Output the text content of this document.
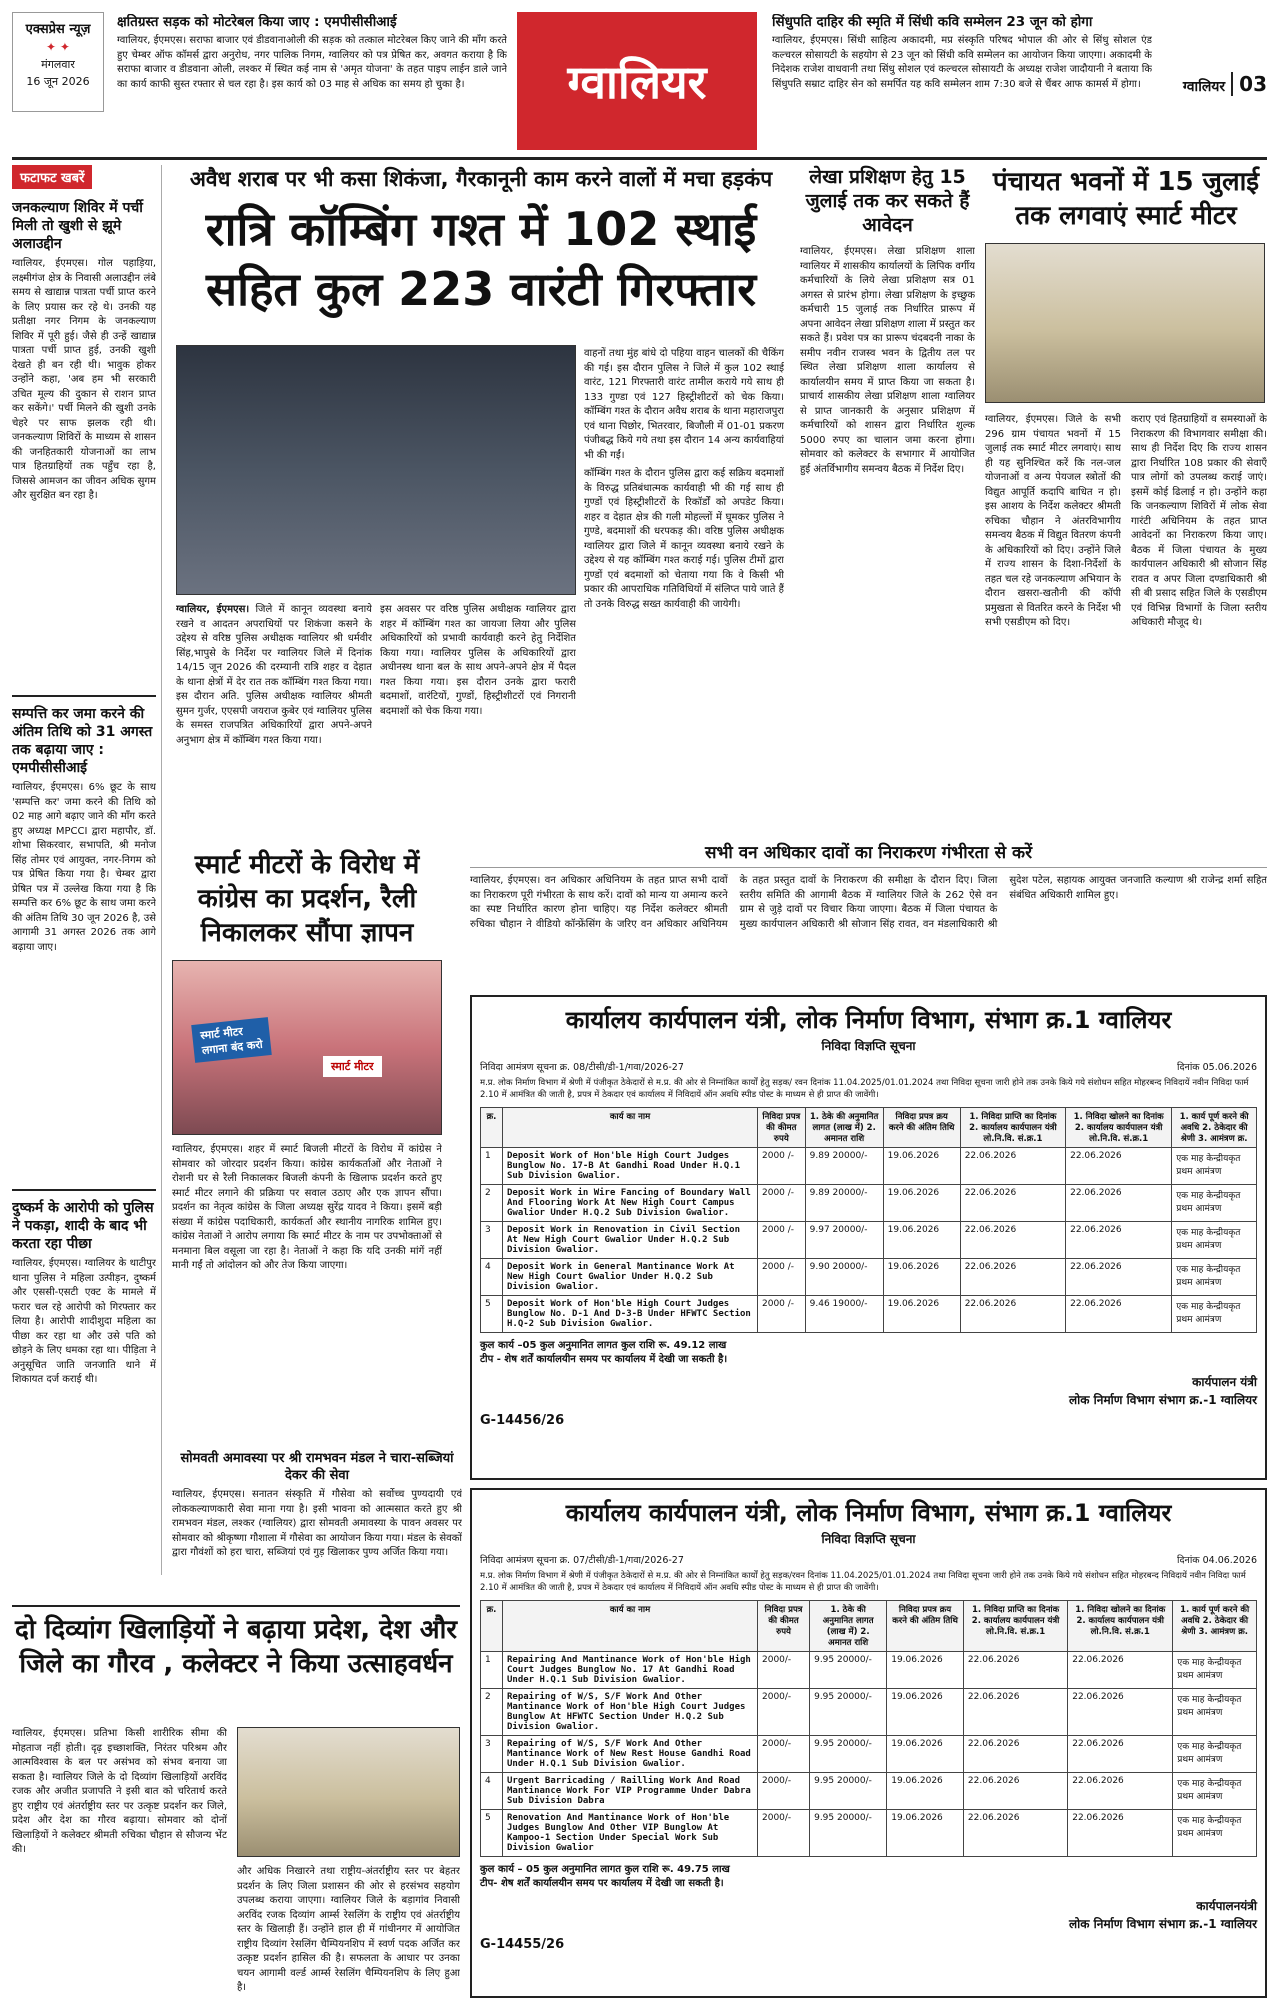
एक्सप्रेस न्यूज़
✦ ✦
मंगलवार
16 जून 2026
क्षतिग्रस्त सड़क को मोटरेबल किया जाए : एमपीसीसीआई

ग्वालियर, ईएमएस। सराफा बाजार एवं डीडवानाओली की सड़क को तत्काल मोटरेबल किए जाने की माँग करते हुए चेम्बर ऑफ कॉमर्स द्वारा अनुरोध, नगर पालिक निगम, ग्वालियर को पत्र प्रेषित कर, अवगत कराया है कि सराफा बाजार व डीडवाना ओली, लश्कर में स्थित कई नाम से 'अमृत योजना' के तहत पाइप लाईन डाले जाने का कार्य काफी सुस्त रफ्तार से चल रहा है। इस कार्य को 03 माह से अधिक का समय हो चुका है।	ग्वालियर
सिंधुपति दाहिर की स्मृति में सिंधी कवि सम्मेलन 23 जून को होगा

ग्वालियर, ईएमएस। सिंधी साहित्य अकादमी, मप्र संस्कृति परिषद भोपाल की ओर से सिंधु सोशल एंड कल्चरल सोसायटी के सहयोग से 23 जून को सिंधी कवि सम्मेलन का आयोजन किया जाएगा। अकादमी के निदेशक राजेश वाधवानी तथा सिंधु सोशल एवं कल्चरल सोसायटी के अध्यक्ष राजेश जादौयानी ने बताया कि सिंधुपति सम्राट दाहिर सेन को समर्पित यह कवि सम्मेलन शाम 7:30 बजे से चैंबर आफ कामर्स में होगा।	ग्वालियर 03
फटाफट खबरें
जनकल्याण शिविर में पर्ची मिली तो खुशी से झूमे अलाउद्दीन

ग्वालियर, ईएमएस। गोल पहाड़िया, लक्ष्मीगंज क्षेत्र के निवासी अलाउद्दीन लंबे समय से खाद्यान्न पात्रता पर्ची प्राप्त करने के लिए प्रयास कर रहे थे। उनकी यह प्रतीक्षा नगर निगम के जनकल्याण शिविर में पूरी हुई। जैसे ही उन्हें खाद्यान्न पात्रता पर्ची प्राप्त हुई, उनकी खुशी देखते ही बन रही थी। भावुक होकर उन्होंने कहा, 'अब हम भी सरकारी उचित मूल्य की दुकान से राशन प्राप्त कर सकेंगे।' पर्ची मिलने की खुशी उनके चेहरे पर साफ झलक रही थी। जनकल्याण शिविरों के माध्यम से शासन की जनहितकारी योजनाओं का लाभ पात्र हितग्राहियों तक पहुँच रहा है, जिससे आमजन का जीवन अधिक सुगम और सुरक्षित बन रहा है।

सम्पत्ति कर जमा करने की अंतिम तिथि को 31 अगस्त तक बढ़ाया जाए : एमपीसीसीआई

ग्वालियर, ईएमएस। 6% छूट के साथ 'सम्पत्ति कर' जमा करने की तिथि को 02 माह आगे बढ़ाए जाने की माँग करते हुए अध्यक्ष MPCCI द्वारा महापौर, डॉ. शोभा सिकरवार, सभापति, श्री मनोज सिंह तोमर एवं आयुक्त, नगर-निगम को पत्र प्रेषित किया गया है। चेम्बर द्वारा प्रेषित पत्र में उल्लेख किया गया है कि सम्पत्ति कर 6% छूट के साथ जमा करने की अंतिम तिथि 30 जून 2026 है, उसे आगामी 31 अगस्त 2026 तक आगे बढ़ाया जाए।

दुष्कर्म के आरोपी को पुलिस ने पकड़ा, शादी के बाद भी करता रहा पीछा

ग्वालियर, ईएमएस। ग्वालियर के थाटीपुर थाना पुलिस ने महिला उत्पीड़न, दुष्कर्म और एससी-एसटी एक्ट के मामले में फरार चल रहे आरोपी को गिरफ्तार कर लिया है। आरोपी शादीशुदा महिला का पीछा कर रहा था और उसे पति को छोड़ने के लिए धमका रहा था। पीड़िता ने अनुसूचित जाति जनजाति थाने में शिकायत दर्ज कराई थी।

अवैध शराब पर भी कसा शिकंजा, गैरकानूनी काम करने वालों में मचा हड़कंप
रात्रि कॉम्बिंग गश्त में 102 स्थाई सहित कुल 223 वारंटी गिरफ्तार

वाहनों तथा मुंह बांधे दो पहिया वाहन चालकों की चैकिंग की गई। इस दौरान पुलिस ने जिले में कुल 102 स्थाई वारंट, 121 गिरफ्तारी वारंट तामील कराये गये साथ ही 133 गुण्डा एवं 127 हिस्ट्रीशीटरों को चेक किया। कॉम्बिंग गश्त के दौरान अवैध शराब के थाना महाराजपुरा एवं थाना पिछोर, भितरवार, बिजौली में 01-01 प्रकरण पंजीबद्ध किये गये तथा इस दौरान 14 अन्य कार्यवाहियां भी की गईं।

कॉम्बिंग गश्त के दौरान पुलिस द्वारा कई सक्रिय बदमाशों के विरुद्ध प्रतिबंधात्मक कार्यवाही भी की गई साथ ही गुण्डों एवं हिस्ट्रीशीटरों के रिकॉर्डों को अपडेट किया। शहर व देहात क्षेत्र की गली मोहल्लों में घूमकर पुलिस ने गुण्डे, बदमाशों की धरपकड़ की। वरिष्ठ पुलिस अधीक्षक ग्वालियर द्वारा जिले में कानून व्यवस्था बनाये रखने के उद्देश्य से यह कॉम्बिंग गश्त कराई गई। पुलिस टीमों द्वारा गुण्डों एवं बदमाशों को चेताया गया कि वे किसी भी प्रकार की आपराधिक गतिविधियों में संलिप्त पाये जाते हैं तो उनके विरुद्ध सख्त कार्यवाही की जायेगी।

ग्वालियर, ईएमएस। जिले में कानून व्यवस्था बनाये रखने व आदतन अपराधियों पर शिकंजा कसने के उद्देश्य से वरिष्ठ पुलिस अधीक्षक ग्वालियर श्री धर्मवीर सिंह,भापुसे के निर्देश पर ग्वालियर जिले में दिनांक 14/15 जून 2026 की दरम्यानी रात्रि शहर व देहात के थाना क्षेत्रों में देर रात तक कॉम्बिंग गश्त किया गया। इस दौरान अति. पुलिस अधीक्षक ग्वालियर श्रीमती सुमन गुर्जर, एएसपी जयराज कुबेर एवं ग्वालियर पुलिस के समस्त राजपत्रित अधिकारियों द्वारा अपने-अपने अनुभाग क्षेत्र में कॉम्बिंग गश्त किया गया।

इस अवसर पर वरिष्ठ पुलिस अधीक्षक ग्वालियर द्वारा शहर में कॉम्बिंग गश्त का जायजा लिया और पुलिस अधिकारियों को प्रभावी कार्यवाही करने हेतु निर्देशित किया गया। ग्वालियर पुलिस के अधिकारियों द्वारा अधीनस्थ थाना बल के साथ अपने-अपने क्षेत्र में पैदल गश्त किया गया। इस दौरान उनके द्वारा फरारी बदमाशों, वारंटियों, गुण्डों, हिस्ट्रीशीटरों एवं निगरानी बदमाशों को चेक किया गया।

लेखा प्रशिक्षण हेतु 15 जुलाई तक कर सकते हैं आवेदन

ग्वालियर, ईएमएस। लेखा प्रशिक्षण शाला ग्वालियर में शासकीय कार्यालयों के लिपिक वर्गीय कर्मचारियों के लिये लेखा प्रशिक्षण सत्र 01 अगस्त से प्रारंभ होगा। लेखा प्रशिक्षण के इच्छुक कर्मचारी 15 जुलाई तक निर्धारित प्रारूप में अपना आवेदन लेखा प्रशिक्षण शाला में प्रस्तुत कर सकते हैं। प्रवेश पत्र का प्रारूप चंदबदनी नाका के समीप नवीन राजस्व भवन के द्वितीय तल पर स्थित लेखा प्रशिक्षण शाला कार्यालय से कार्यालयीन समय में प्राप्त किया जा सकता है। प्राचार्य शासकीय लेखा प्रशिक्षण शाला ग्वालियर से प्राप्त जानकारी के अनुसार प्रशिक्षण में कर्मचारियों को शासन द्वारा निर्धारित शुल्क 5000 रुपए का चालान जमा करना होगा। सोमवार को कलेक्टर के सभागार में आयोजित हुई अंतर्विभागीय समन्वय बैठक में निर्देश दिए।

पंचायत भवनों में 15 जुलाई तक लगवाएं स्मार्ट मीटर
ग्वालियर, ईएमएस। जिले के सभी 296 ग्राम पंचायत भवनों में 15 जुलाई तक स्मार्ट मीटर लगवाएं। साथ ही यह सुनिश्चित करें कि नल-जल योजनाओं व अन्य पेयजल स्त्रोतों की विद्युत आपूर्ति कदापि बाधित न हो। इस आशय के निर्देश कलेक्टर श्रीमती रुचिका चौहान ने अंतरविभागीय समन्वय बैठक में विद्युत वितरण कंपनी के अधिकारियों को दिए। उन्होंने जिले में राज्य शासन के दिशा-निर्देशों के तहत चल रहे जनकल्याण अभियान के दौरान खसरा-खतौनी की कॉपी प्रमुखता से वितरित करने के निर्देश भी सभी एसडीएम को दिए।
कराए एवं हितग्राहियों व समस्याओं के निराकरण की विभागवार समीक्षा की। साथ ही निर्देश दिए कि राज्य शासन द्वारा निर्धारित 108 प्रकार की सेवाएँ पात्र लोगों को उपलब्ध कराई जाएं। इसमें कोई ढिलाई न हो। उन्होंने कहा कि जनकल्याण शिविरों में लोक सेवा गारंटी अधिनियम के तहत प्राप्त आवेदनों का निराकरण किया जाए। बैठक में जिला पंचायत के मुख्य कार्यपालन अधिकारी श्री सोजान सिंह रावत व अपर जिला दण्डाधिकारी श्री सी बी प्रसाद सहित जिले के एसडीएम एवं विभिन्न विभागों के जिला स्तरीय अधिकारी मौजूद थे।
स्मार्ट मीटरों के विरोध में कांग्रेस का प्रदर्शन, रैली निकालकर सौंपा ज्ञापन
स्मार्ट मीटर
लगाना बंद करो
स्मार्ट मीटर

ग्वालियर, ईएमएस। शहर में स्मार्ट बिजली मीटरों के विरोध में कांग्रेस ने सोमवार को जोरदार प्रदर्शन किया। कांग्रेस कार्यकर्ताओं और नेताओं ने रोशनी घर से रैली निकालकर बिजली कंपनी के खिलाफ प्रदर्शन करते हुए स्मार्ट मीटर लगाने की प्रक्रिया पर सवाल उठाए और एक ज्ञापन सौंपा। प्रदर्शन का नेतृत्व कांग्रेस के जिला अध्यक्ष सुरेंद्र यादव ने किया। इसमें बड़ी संख्या में कांग्रेस पदाधिकारी, कार्यकर्ता और स्थानीय नागरिक शामिल हुए। कांग्रेस नेताओं ने आरोप लगाया कि स्मार्ट मीटर के नाम पर उपभोक्ताओं से मनमाना बिल वसूला जा रहा है। नेताओं ने कहा कि यदि उनकी मांगें नहीं मानी गईं तो आंदोलन को और तेज किया जाएगा।

सभी वन अधिकार दावों का निराकरण गंभीरता से करें

ग्वालियर, ईएमएस। वन अधिकार अधिनियम के तहत प्राप्त सभी दावों का निराकरण पूरी गंभीरता के साथ करें। दावों को मान्य या अमान्य करने का स्पष्ट निर्धारित कारण होना चाहिए। यह निर्देश कलेक्टर श्रीमती रुचिका चौहान ने वीडियो कॉन्फ्रेंसिंग के जरिए वन अधिकार अधिनियम के तहत प्रस्तुत दावों के निराकरण की समीक्षा के दौरान दिए। जिला स्तरीय समिति की आगामी बैठक में ग्वालियर जिले के 262 ऐसे वन ग्राम से जुड़े दावों पर विचार किया जाएगा। बैठक में जिला पंचायत के मुख्य कार्यपालन अधिकारी श्री सोजान सिंह रावत, वन मंडलाधिकारी श्री सुदेश पटेल, सहायक आयुक्त जनजाति कल्याण श्री राजेन्द्र शर्मा सहित संबंधित अधिकारी शामिल हुए।

सोमवती अमावस्या पर श्री रामभवन मंडल ने चारा-सब्जियां देकर की सेवा

ग्वालियर, ईएमएस। सनातन संस्कृति में गौसेवा को सर्वोच्च पुण्यदायी एवं लोककल्याणकारी सेवा माना गया है। इसी भावना को आत्मसात करते हुए श्री रामभवन मंडल, लश्कर (ग्वालियर) द्वारा सोमवती अमावस्या के पावन अवसर पर सोमवार को श्रीकृष्णा गौशाला में गौसेवा का आयोजन किया गया। मंडल के सेवकों द्वारा गौवंशों को हरा चारा, सब्जियां एवं गुड़ खिलाकर पुण्य अर्जित किया गया।

दो दिव्यांग खिलाड़ियों ने बढ़ाया प्रदेश, देश और जिले का गौरव , कलेक्टर ने किया उत्साहवर्धन

ग्वालियर, ईएमएस। प्रतिभा किसी शारीरिक सीमा की मोहताज नहीं होती। दृढ़ इच्छाशक्ति, निरंतर परिश्रम और आत्मविश्वास के बल पर असंभव को संभव बनाया जा सकता है। ग्वालियर जिले के दो दिव्यांग खिलाड़ियों अरविंद रजक और अजीत प्रजापति ने इसी बात को चरितार्थ करते हुए राष्ट्रीय एवं अंतर्राष्ट्रीय स्तर पर उत्कृष्ट प्रदर्शन कर जिले, प्रदेश और देश का गौरव बढ़ाया। सोमवार को दोनों खिलाड़ियों ने कलेक्टर श्रीमती रुचिका चौहान से सौजन्य भेंट की।

और अधिक निखारने तथा राष्ट्रीय-अंतर्राष्ट्रीय स्तर पर बेहतर प्रदर्शन के लिए जिला प्रशासन की ओर से हरसंभव सहयोग उपलब्ध कराया जाएगा। ग्वालियर जिले के बड़ागांव निवासी अरविंद रजक दिव्यांग आर्म्स रेसलिंग के राष्ट्रीय एवं अंतर्राष्ट्रीय स्तर के खिलाड़ी हैं। उन्होंने हाल ही में गांधीनगर में आयोजित राष्ट्रीय दिव्यांग रेसलिंग चैम्पियनशिप में स्वर्ण पदक अर्जित कर उत्कृष्ट प्रदर्शन हासिल की है। सफलता के आधार पर उनका चयन आगामी वर्ल्ड आर्म्स रेसलिंग चैम्पियनशिप के लिए हुआ है।

कार्यालय कार्यपालन यंत्री, लोक निर्माण विभाग, संभाग क्र.1 ग्वालियर
निविदा विज्ञप्ति सूचना
निविदा आमंत्रण सूचना क्र. 08/टीसी/डी-1/गवा/2026-27	दिनांक 05.06.2026
म.प्र. लोक निर्माण विभाग में श्रेणी में पंजीकृत ठेकेदारों से म.प्र. की ओर से निम्नांकित कार्यों हेतु सड़क/ रवन दिनांक 11.04.2025/01.01.2024 तथा निविदा सूचना जारी होने तक उनके किये गये संशोधन सहित मोहरबन्द निविदायें नवीन निविदा फार्म 2.10 में आमंत्रित की जाती है, प्रपत्र में ठेकदार एवं कार्यालय में निविदायें ऑन अवधि स्पीड पोस्ट के माध्यम से ही प्राप्त की जावेंगी।
क्र.	कार्य का नाम	निविदा प्रपत्र की कीमत रुपये	1. ठेके की अनुमानित लागत (लाख में) 2. अमानत राशि	निविदा प्रपत्र क्रय करने की अंतिम तिथि	1. निविदा प्राप्ति का दिनांक 2. कार्यालय कार्यपालन यंत्री लो.नि.वि. सं.क्र.1	1. निविदा खोलने का दिनांक 2. कार्यालय कार्यपालन यंत्री लो.नि.वि. सं.क्र.1	1. कार्य पूर्ण करने की अवधि 2. ठेकेदार की श्रेणी 3. आमंत्रण क्र.
1	Deposit Work of Hon'ble High Court Judges Bunglow No. 17-B At Gandhi Road Under H.Q.1 Sub Division Gwalior.	2000 /-	9.89 20000/-	19.06.2026	22.06.2026	22.06.2026	एक माह केन्द्रीयकृत प्रथम आमंत्रण
2	Deposit Work in Wire Fancing of Boundary Wall And Flooring Work At New High Court Campus Gwalior Under H.Q.2 Sub Division Gwalior.	2000 /-	9.89 20000/-	19.06.2026	22.06.2026	22.06.2026	एक माह केन्द्रीयकृत प्रथम आमंत्रण
3	Deposit Work in Renovation in Civil Section At New High Court Gwalior Under H.Q.2 Sub Division Gwalior.	2000 /-	9.97 20000/-	19.06.2026	22.06.2026	22.06.2026	एक माह केन्द्रीयकृत प्रथम आमंत्रण
4	Deposit Work in General Mantinance Work At New High Court Gwalior Under H.Q.2 Sub Division Gwalior.	2000 /-	9.90 20000/-	19.06.2026	22.06.2026	22.06.2026	एक माह केन्द्रीयकृत प्रथम आमंत्रण
5	Deposit Work of Hon'ble High Court Judges Bunglow No. D-1 And D-3-B Under HFWTC Section H.Q-2 Sub Division Gwalior.	2000 /-	9.46 19000/-	19.06.2026	22.06.2026	22.06.2026	एक माह केन्द्रीयकृत प्रथम आमंत्रण
कुल कार्य –05 कुल अनुमानित लागत कुल राशि रू. 49.12 लाख
टीप - शेष शर्तें कार्यालयीन समय पर कार्यालय में देखी जा सकती है।
कार्यपालन यंत्री
लोक निर्माण विभाग संभाग क्र.-1 ग्वालियर
G-14456/26
कार्यालय कार्यपालन यंत्री, लोक निर्माण विभाग, संभाग क्र.1 ग्वालियर
निविदा विज्ञप्ति सूचना
निविदा आमंत्रण सूचना क्र. 07/टीसी/डी-1/गवा/2026-27	दिनांक 04.06.2026
म.प्र. लोक निर्माण विभाग में श्रेणी में पंजीकृत ठेकेदारों से म.प्र. की ओर से निम्नांकित कार्यों हेतु सड़क/रवन दिनांक 11.04.2025/01.01.2024 तथा निविदा सूचना जारी होने तक उनके किये गये संशोधन सहित मोहरबन्द निविदायें नवीन निविदा फार्म 2.10 में आमंत्रित की जाती है, प्रपत्र में ठेकदार एवं कार्यालय में निविदायें ऑन अवधि स्पीड पोस्ट के माध्यम से ही प्राप्त की जावेंगी।
क्र.	कार्य का नाम	निविदा प्रपत्र की कीमत रुपये	1. ठेके की अनुमानित लागत (लाख में) 2. अमानत राशि	निविदा प्रपत्र क्रय करने की अंतिम तिथि	1. निविदा प्राप्ति का दिनांक 2. कार्यालय कार्यपालन यंत्री लो.नि.वि. सं.क्र.1	1. निविदा खोलने का दिनांक 2. कार्यालय कार्यपालन यंत्री लो.नि.वि. सं.क्र.1	1. कार्य पूर्ण करने की अवधि 2. ठेकेदार की श्रेणी 3. आमंत्रण क्र.
1	Repairing And Mantinance Work of Hon'ble High Court Judges Bunglow No. 17 At Gandhi Road Under H.Q.1 Sub Division Gwalior.	2000/-	9.95 20000/-	19.06.2026	22.06.2026	22.06.2026	एक माह केन्द्रीयकृत प्रथम आमंत्रण
2	Repairing of W/S, S/F Work And Other Mantinance Work of Hon'ble High Court Judges Bunglow At HFWTC Section Under H.Q.2 Sub Division Gwalior.	2000/-	9.95 20000/-	19.06.2026	22.06.2026	22.06.2026	एक माह केन्द्रीयकृत प्रथम आमंत्रण
3	Repairing of W/S, S/F Work And Other Mantinance Work of New Rest House Gandhi Road Under H.Q.1 Sub Division Gwalior.	2000/-	9.95 20000/-	19.06.2026	22.06.2026	22.06.2026	एक माह केन्द्रीयकृत प्रथम आमंत्रण
4	Urgent Barricading / Railling Work And Road Mantinance Work For VIP Programme Under Dabra Sub Division Dabra	2000/-	9.95 20000/-	19.06.2026	22.06.2026	22.06.2026	एक माह केन्द्रीयकृत प्रथम आमंत्रण
5	Renovation And Mantinance Work of Hon'ble Judges Bunglow And Other VIP Bunglow At Kampoo-1 Section Under Special Work Sub Division Gwalior	2000/-	9.95 20000/-	19.06.2026	22.06.2026	22.06.2026	एक माह केन्द्रीयकृत प्रथम आमंत्रण
कुल कार्य – 05 कुल अनुमानित लागत कुल राशि रू. 49.75 लाख
टीप- शेष शर्तें कार्यालयीन समय पर कार्यालय में देखी जा सकती है।
कार्यपालनयंत्री
लोक निर्माण विभाग संभाग क्र.-1 ग्वालियर
G-14455/26
